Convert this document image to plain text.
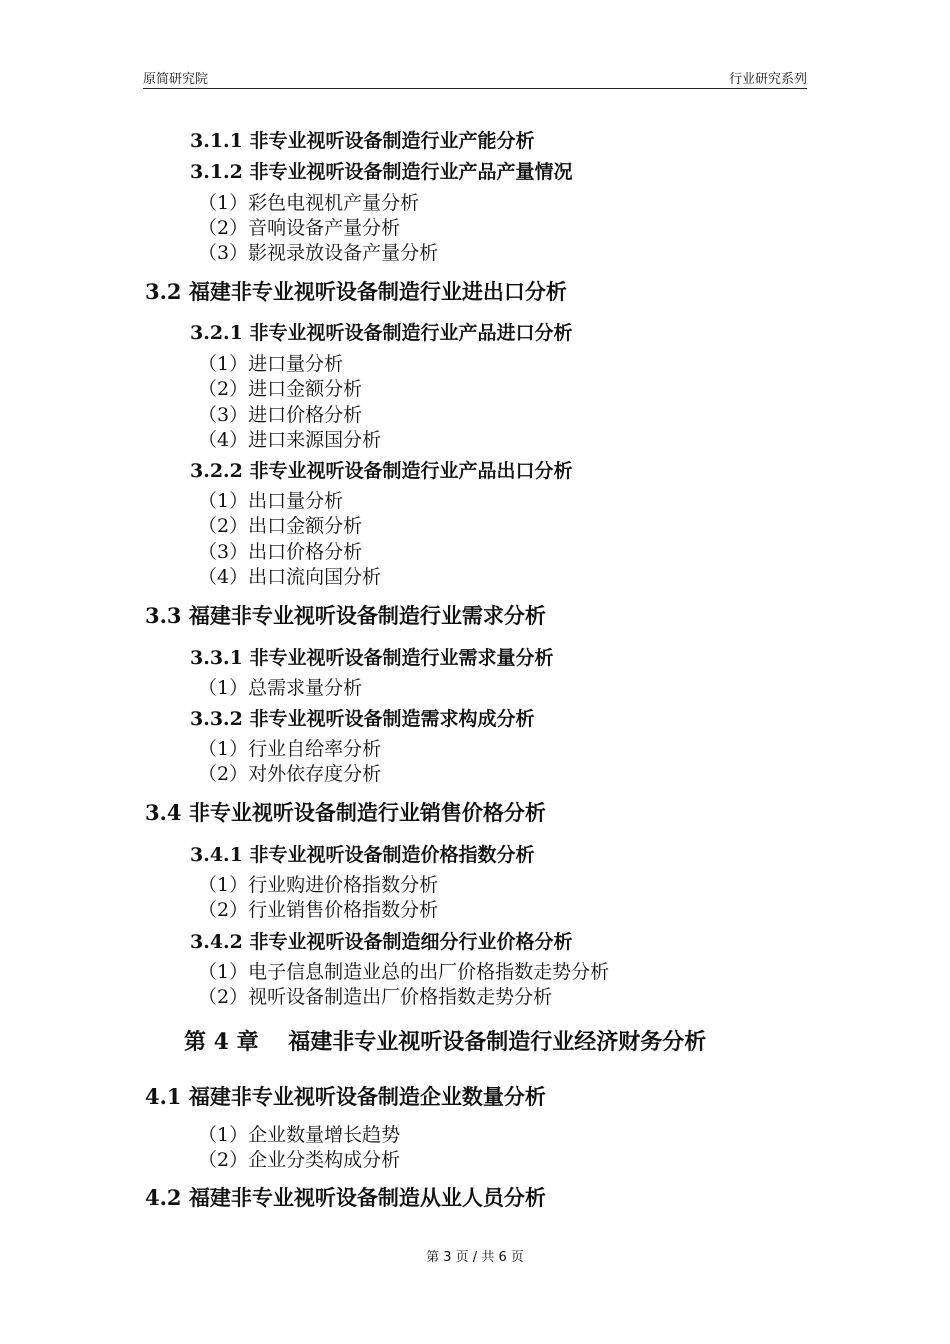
原简研究院	行业研究系列
3.1.1 非专业视听设备制造行业产能分析
3.1.2 非专业视听设备制造行业产品产量情况
（1）彩色电视机产量分析
（2）音响设备产量分析
（3）影视录放设备产量分析
3.2 福建非专业视听设备制造行业进出口分析
3.2.1 非专业视听设备制造行业产品进口分析
（1）进口量分析
（2）进口金额分析
（3）进口价格分析
（4）进口来源国分析
3.2.2 非专业视听设备制造行业产品出口分析
（1）出口量分析
（2）出口金额分析
（3）出口价格分析
（4）出口流向国分析
3.3 福建非专业视听设备制造行业需求分析
3.3.1 非专业视听设备制造行业需求量分析
（1）总需求量分析
3.3.2 非专业视听设备制造需求构成分析
（1）行业自给率分析
（2）对外依存度分析
3.4 非专业视听设备制造行业销售价格分析
3.4.1 非专业视听设备制造价格指数分析
（1）行业购进价格指数分析
（2）行业销售价格指数分析
3.4.2 非专业视听设备制造细分行业价格分析
（1）电子信息制造业总的出厂价格指数走势分析
（2）视听设备制造出厂价格指数走势分析
第 4 章　 福建非专业视听设备制造行业经济财务分析
4.1 福建非专业视听设备制造企业数量分析
（1）企业数量增长趋势
（2）企业分类构成分析
4.2 福建非专业视听设备制造从业人员分析
第 3 页 / 共 6 页
